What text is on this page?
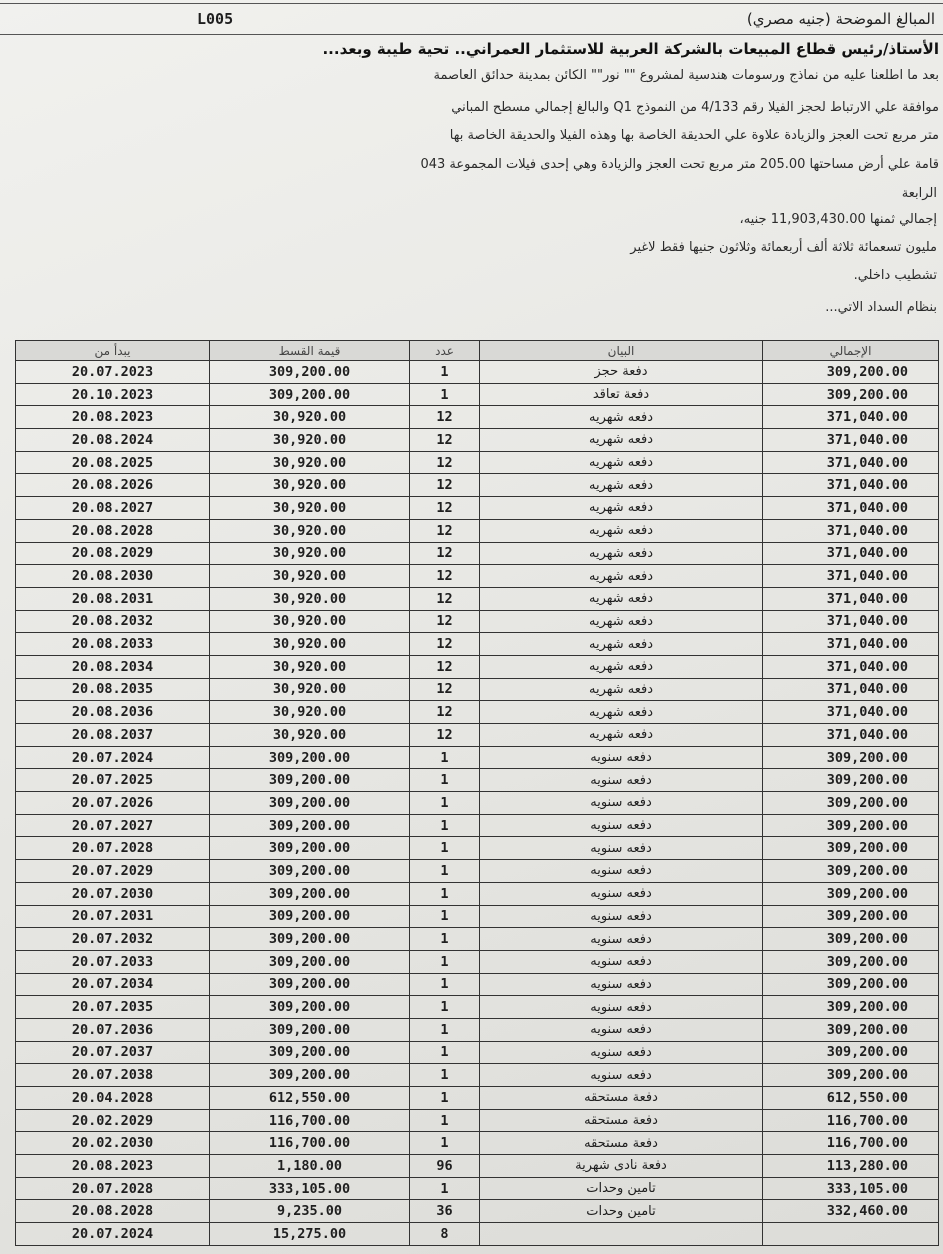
L005	المبالغ الموضحة (جنيه مصري)
الأستاذ/رئيس قطاع المبيعات بالشركة العربية للاستثمار العمراني.. تحية طيبة وبعد...
بعد ما اطلعنا عليه من نماذج ورسومات هندسية لمشروع "" نور"" الكائن بمدينة حدائق العاصمة
موافقة علي الارتباط لحجز الفيلا رقم 4/133 من النموذج Q1 والبالغ إجمالي مسطح المباني
متر مربع تحت العجز والزيادة علاوة علي الحديقة الخاصة بها وهذه الفيلا والحديقة الخاصة بها
قامة علي أرض مساحتها 205.00 متر مربع تحت العجز والزيادة وهي إحدى فيلات المجموعة 043
الرابعة
إجمالي ثمنها 11,903,430.00 جنيه،
مليون تسعمائة ثلاثة ألف أربعمائة وثلاثون جنيها فقط لاغير
تشطيب داخلي.
بنظام السداد الاتي...
يبدأ من	قيمة القسط	عدد	البيان	الإجمالي
20.07.2023	309,200.00	1	دفعة حجز	309,200.00
20.10.2023	309,200.00	1	دفعة تعاقد	309,200.00
20.08.2023	30,920.00	12	دفعه شهريه	371,040.00
20.08.2024	30,920.00	12	دفعه شهريه	371,040.00
20.08.2025	30,920.00	12	دفعه شهريه	371,040.00
20.08.2026	30,920.00	12	دفعه شهريه	371,040.00
20.08.2027	30,920.00	12	دفعه شهريه	371,040.00
20.08.2028	30,920.00	12	دفعه شهريه	371,040.00
20.08.2029	30,920.00	12	دفعه شهريه	371,040.00
20.08.2030	30,920.00	12	دفعه شهريه	371,040.00
20.08.2031	30,920.00	12	دفعه شهريه	371,040.00
20.08.2032	30,920.00	12	دفعه شهريه	371,040.00
20.08.2033	30,920.00	12	دفعه شهريه	371,040.00
20.08.2034	30,920.00	12	دفعه شهريه	371,040.00
20.08.2035	30,920.00	12	دفعه شهريه	371,040.00
20.08.2036	30,920.00	12	دفعه شهريه	371,040.00
20.08.2037	30,920.00	12	دفعه شهريه	371,040.00
20.07.2024	309,200.00	1	دفعه سنويه	309,200.00
20.07.2025	309,200.00	1	دفعه سنويه	309,200.00
20.07.2026	309,200.00	1	دفعه سنويه	309,200.00
20.07.2027	309,200.00	1	دفعه سنويه	309,200.00
20.07.2028	309,200.00	1	دفعه سنويه	309,200.00
20.07.2029	309,200.00	1	دفعه سنويه	309,200.00
20.07.2030	309,200.00	1	دفعه سنويه	309,200.00
20.07.2031	309,200.00	1	دفعه سنويه	309,200.00
20.07.2032	309,200.00	1	دفعه سنويه	309,200.00
20.07.2033	309,200.00	1	دفعه سنويه	309,200.00
20.07.2034	309,200.00	1	دفعه سنويه	309,200.00
20.07.2035	309,200.00	1	دفعه سنويه	309,200.00
20.07.2036	309,200.00	1	دفعه سنويه	309,200.00
20.07.2037	309,200.00	1	دفعه سنويه	309,200.00
20.07.2038	309,200.00	1	دفعه سنويه	309,200.00
20.04.2028	612,550.00	1	دفعة مستحقه	612,550.00
20.02.2029	116,700.00	1	دفعة مستحقه	116,700.00
20.02.2030	116,700.00	1	دفعة مستحقه	116,700.00
20.08.2023	1,180.00	96	دفعة نادى شهرية	113,280.00
20.07.2028	333,105.00	1	تامين وحدات	333,105.00
20.08.2028	9,235.00	36	تامين وحدات	332,460.00
20.07.2024	15,275.00	8		
